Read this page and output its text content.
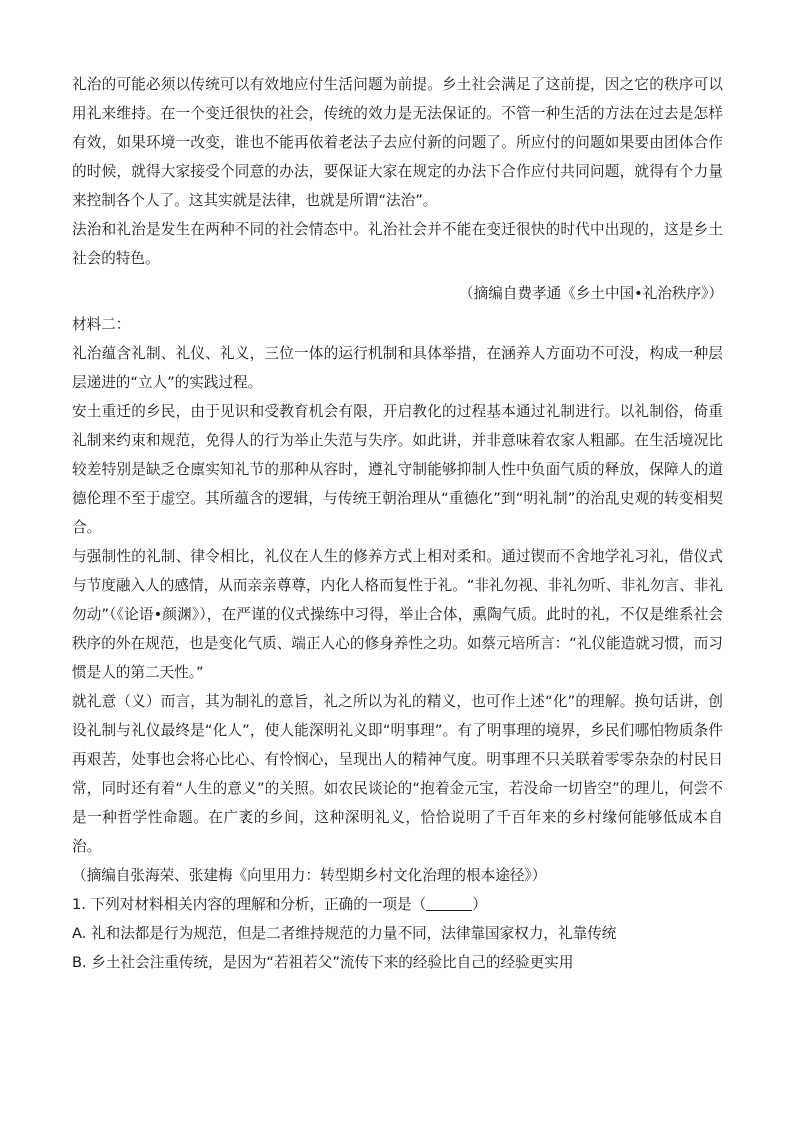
礼治的可能必须以传统可以有效地应付生活问题为前提。乡土社会满足了这前提，因之它的秩序可以用礼来维持。在一个变迁很快的社会，传统的效力是无法保证的。不管一种生活的方法在过去是怎样有效，如果环境一改变，谁也不能再依着老法子去应付新的问题了。所应付的问题如果要由团体合作的时候，就得大家接受个同意的办法，要保证大家在规定的办法下合作应付共同问题，就得有个力量来控制各个人了。这其实就是法律，也就是所谓“法治”。

法治和礼治是发生在两种不同的社会情态中。礼治社会并不能在变迁很快的时代中出现的，这是乡土社会的特色。

（摘编自费孝通《乡土中国•礼治秩序》）

材料二：

礼治蕴含礼制、礼仪、礼义，三位一体的运行机制和具体举措，在涵养人方面功不可没，构成一种层层递进的“立人”的实践过程。

安土重迁的乡民，由于见识和受教育机会有限，开启教化的过程基本通过礼制进行。以礼制俗，倚重礼制来约束和规范，免得人的行为举止失范与失序。如此讲，并非意味着农家人粗鄙。在生活境况比较差特别是缺乏仓廪实知礼节的那种从容时，遵礼守制能够抑制人性中负面气质的释放，保障人的道德伦理不至于虚空。其所蕴含的逻辑，与传统王朝治理从“重德化”到“明礼制”的治乱史观的转变相契合。

与强制性的礼制、律令相比，礼仪在人生的修养方式上相对柔和。通过锲而不舍地学礼习礼，借仪式与节度融入人的感情，从而亲亲尊尊，内化人格而复性于礼。“非礼勿视、非礼勿听、非礼勿言、非礼勿动”（《论语•颜渊》），在严谨的仪式操练中习得，举止合体，熏陶气质。此时的礼，不仅是维系社会秩序的外在规范，也是变化气质、端正人心的修身养性之功。如蔡元培所言：“礼仪能造就习惯，而习惯是人的第二天性。”

就礼意（义）而言，其为制礼的意旨，礼之所以为礼的精义，也可作上述“化”的理解。换句话讲，创设礼制与礼仪最终是“化人”，使人能深明礼义即“明事理”。有了明事理的境界，乡民们哪怕物质条件再艰苦，处事也会将心比心、有怜悯心，呈现出人的精神气度。明事理不只关联着零零杂杂的村民日常，同时还有着“人生的意义”的关照。如农民谈论的“抱着金元宝，若没命一切皆空”的理儿，何尝不是一种哲学性命题。在广袤的乡间，这种深明礼义，恰恰说明了千百年来的乡村缘何能够低成本自治。

（摘编自张海荣、张建梅《向里用力：转型期乡村文化治理的根本途径》）

1. 下列对材料相关内容的理解和分析，正确的一项是（	）

A. 礼和法都是行为规范，但是二者维持规范的力量不同，法律靠国家权力，礼靠传统

B. 乡土社会注重传统，是因为“若祖若父”流传下来的经验比自己的经验更实用
